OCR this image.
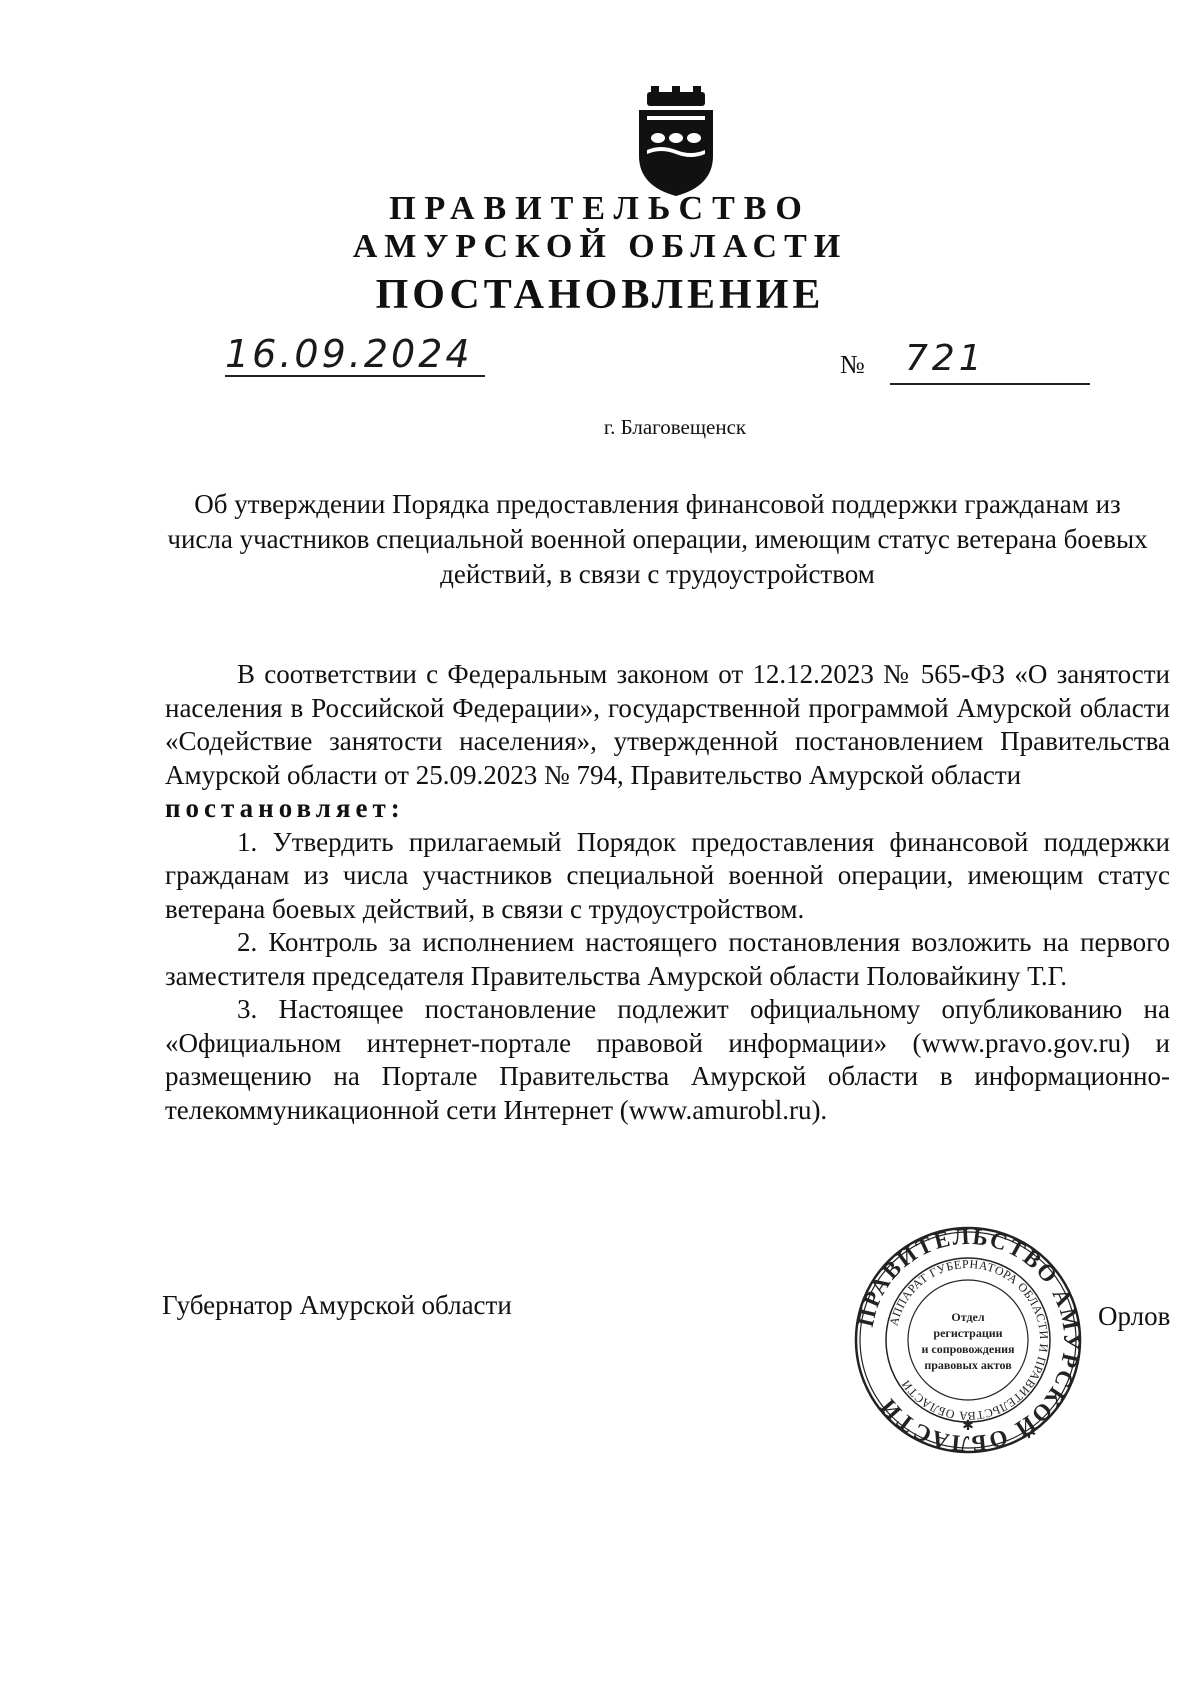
ПРАВИТЕЛЬСТВО
АМУРСКОЙ ОБЛАСТИ
ПОСТАНОВЛЕНИЕ
16.09.2024	№ 721
г. Благовещенск
Об утверждении Порядка предоставления финансовой поддержки гражданам из числа участников специальной военной операции, имеющим статус ветерана боевых действий, в связи с трудоустройством

В соответствии с Федеральным законом от 12.12.2023 № 565-ФЗ «О занятости населения в Российской Федерации», государственной программой Амурской области «Содействие занятости населения», утвержденной постановлением Правительства Амурской области от 25.09.2023 № 794, Правительство Амурской области

постановляет:

1. Утвердить прилагаемый Порядок предоставления финансовой поддержки гражданам из числа участников специальной военной операции, имеющим статус ветерана боевых действий, в связи с трудоустройством.

2. Контроль за исполнением настоящего постановления возложить на первого заместителя председателя Правительства Амурской области Половайкину Т.Г.

3. Настоящее постановление подлежит официальному опубликованию на «Официальном интернет-портале правовой информации» (www.pravo.gov.ru) и размещению на Портале Правительства Амурской области в информационно-телекоммуникационной сети Интернет (www.amurobl.ru).

Губернатор Амурской области	Орлов
ПРАВИТЕЛЬСТВО АМУРСКОЙ ОБЛАСТИ
АППАРАТ ГУБЕРНАТОРА ОБЛАСТИ И ПРАВИТЕЛЬСТВА ОБЛАСТИ
Отдел
регистрации
и сопровождения
правовых актов
✱
